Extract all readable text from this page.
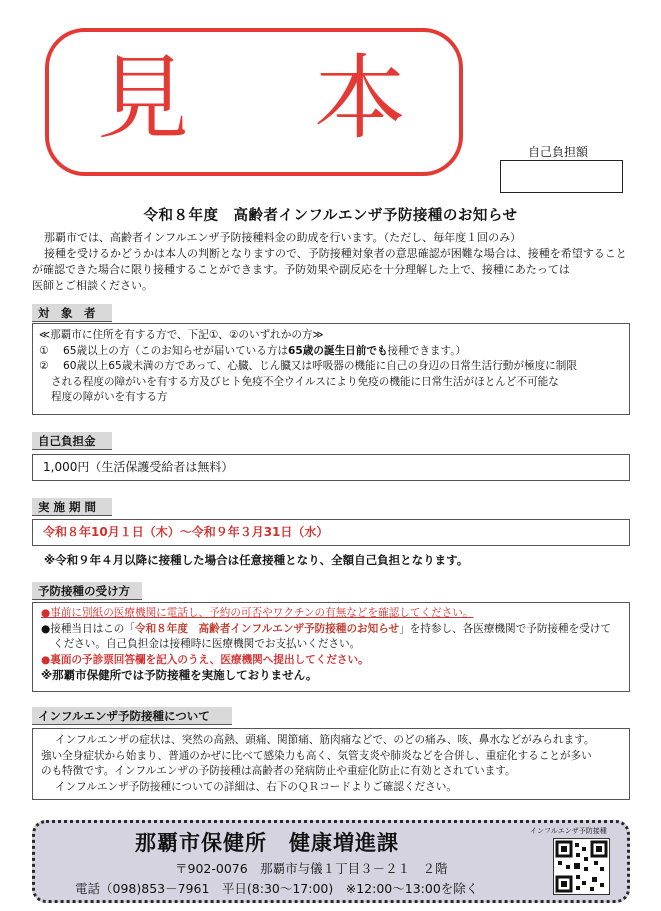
見 本	自己負担額
令和８年度　高齢者インフルエンザ予防接種のお知らせ

那覇市では、高齢者インフルエンザ予防接種料金の助成を行います。（ただし、毎年度１回のみ）

接種を受けるかどうかは本人の判断となりますので、予防接種対象者の意思確認が困難な場合は、接種を希望すること

が確認できた場合に限り接種することができます。予防効果や副反応を十分理解した上で、接種にあたっては

医師とご相談ください。

対　象　者
≪那覇市に住所を有する方で、下記①、②のいずれかの方≫
①	65歳以上の方（このお知らせが届いている方は65歳の誕生日前でも接種できます。）
②	60歳以上65歳未満の方であって、心臓、じん臓又は呼吸器の機能に自己の身辺の日常生活行動が極度に制限
される程度の障がいを有する方及びヒト免疫不全ウイルスにより免疫の機能に日常生活がほとんど不可能な
程度の障がいを有する方
自己負担金
1,000円（生活保護受給者は無料）
実 施 期 間
令和８年10月１日（木）～令和９年３月31日（水）
※令和９年４月以降に接種した場合は任意接種となり、全額自己負担となります。
予防接種の受け方
●事前に別紙の医療機関に電話し、予約の可否やワクチンの有無などを確認してください。
●接種当日はこの「令和８年度　高齢者インフルエンザ予防接種のお知らせ」を持参し、各医療機関で予防接種を受けて
ください。自己負担金は接種時に医療機関でお支払いください。
●裏面の予診票回答欄を記入のうえ、医療機関へ提出してください。
※那覇市保健所では予防接種を実施しておりません。
インフルエンザ予防接種について
インフルエンザの症状は、突然の高熱、頭痛、関節痛、筋肉痛などで、のどの痛み、咳、鼻水などがみられます。
強い全身症状から始まり、普通のかぜに比べて感染力も高く、気管支炎や肺炎などを合併し、重症化することが多い
のも特徴です。インフルエンザの予防接種は高齢者の発病防止や重症化防止に有効とされています。
インフルエンザ予防接種についての詳細は、右下のＱＲコードよりご確認ください。
那覇市保健所　健康増進課
〒902-0076　那覇市与儀１丁目３－２１　２階
電話（098)853－7961　平日(8:30～17:00)　※12:00～13:00を除く
インフルエンザ予防接種
